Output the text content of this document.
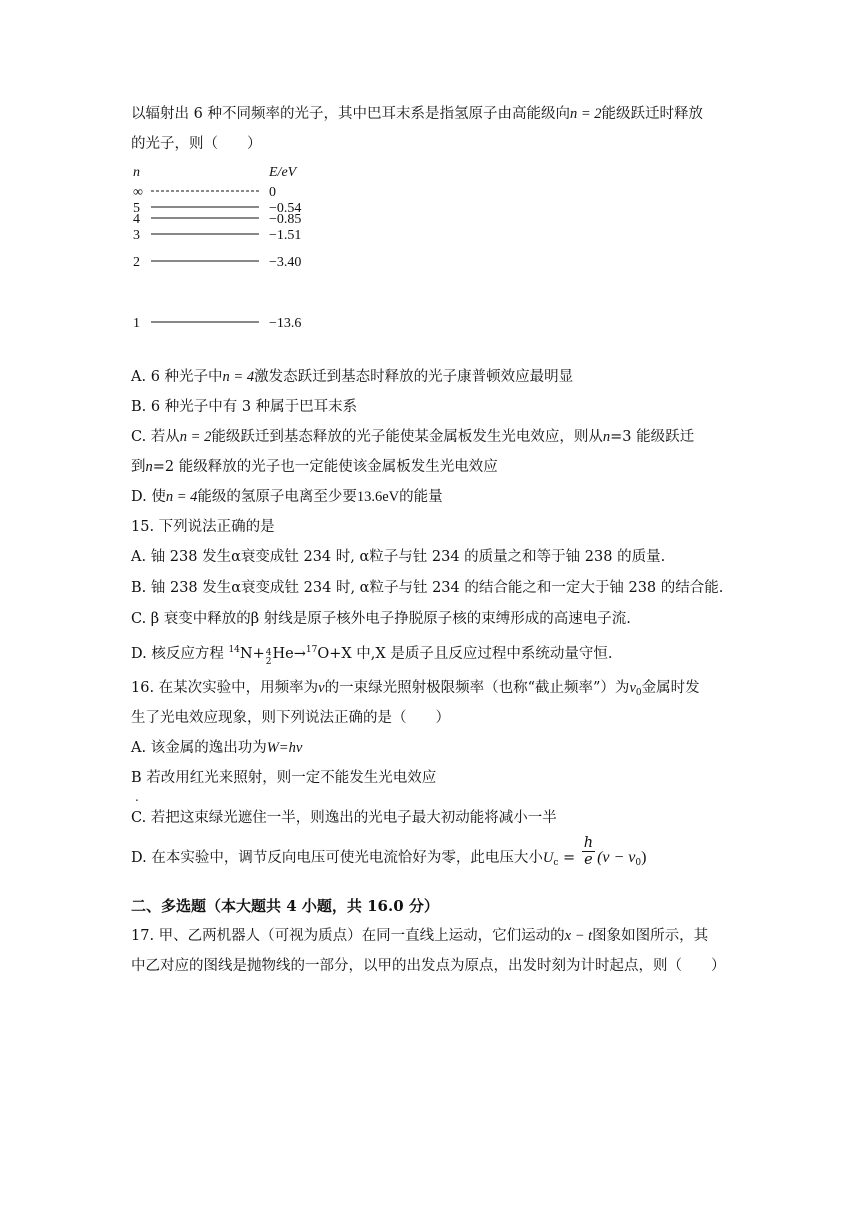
以辐射出 6 种不同频率的光子，其中巴耳末系是指氢原子由高能级向n = 2能级跃迁时释放
的光子，则（　　）
n	E/eV
∞	0
5	−0.54
4	−0.85
3	−1.51
2	−3.40
1	−13.6
A. 6 种光子中n = 4激发态跃迁到基态时释放的光子康普顿效应最明显
B. 6 种光子中有 3 种属于巴耳末系
C. 若从n = 2能级跃迁到基态释放的光子能使某金属板发生光电效应，则从n=3 能级跃迁
到n=2 能级释放的光子也一定能使该金属板发生光电效应
D. 使n = 4能级的氢原子电离至少要13.6eV的能量
15. 下列说法正确的是
A. 铀 238 发生α衰变成钍 234 时, α粒子与钍 234 的质量之和等于铀 238 的质量.
B. 铀 238 发生α衰变成钍 234 时, α粒子与钍 234 的结合能之和一定大于铀 238 的结合能.
C. β 衰变中释放的β 射线是原子核外电子挣脱原子核的束缚形成的高速电子流.
D. 核反应方程 $^{14}$N+ 4
2 He→$^{17}$O+X 中,X 是质子且反应过程中系统动量守恒.
16. 在某次实验中，用频率为ν的一束绿光照射极限频率（也称“截止频率”）为$\nu_0$金属时发
生了光电效应现象，则下列说法正确的是（　　）
A. 该金属的逸出功为W=hν
B 若改用红光来照射，则一定不能发生光电效应
.
C. 若把这束绿光遮住一半，则逸出的光电子最大初动能将减小一半
D. 在本实验中，调节反向电压可使光电流恰好为零，此电压大小$U_c = \frac{h}{e} (\nu - \nu_0)$
二、多选题（本大题共 4 小题，共 16.0 分）
17. 甲、乙两机器人（可视为质点）在同一直线上运动，它们运动的x − t图象如图所示，其
中乙对应的图线是抛物线的一部分，以甲的出发点为原点，出发时刻为计时起点，则（　　）
